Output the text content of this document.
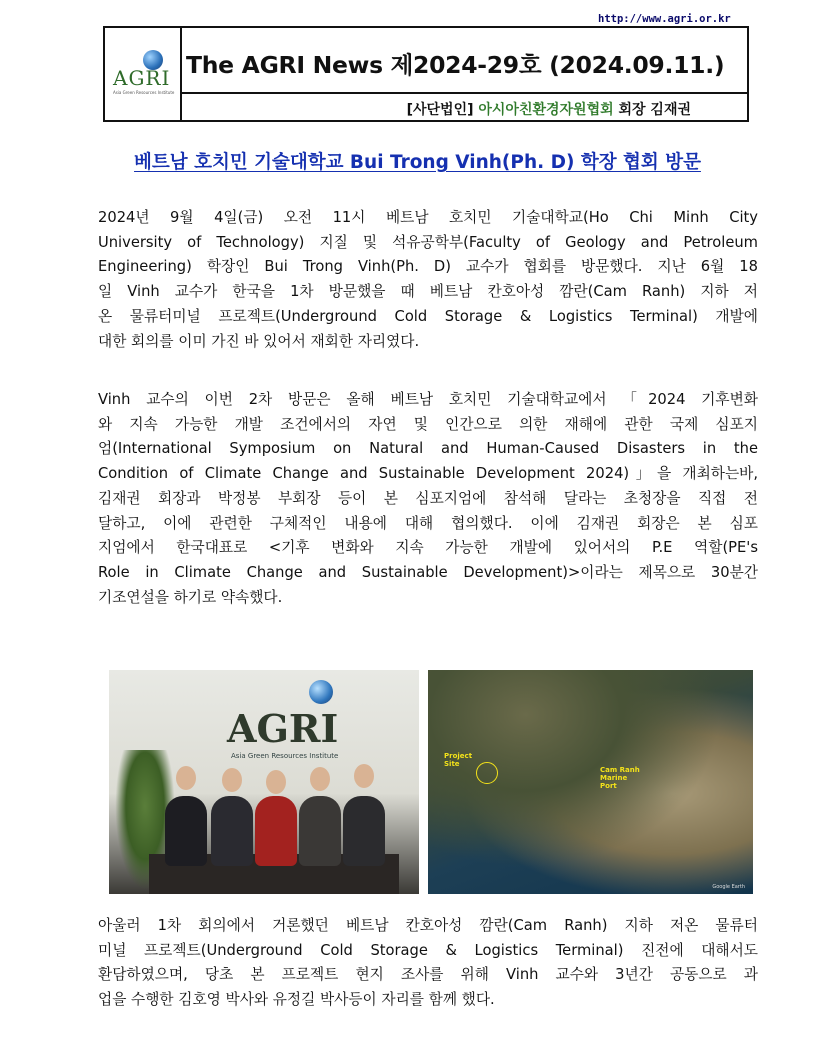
http://www.agri.or.kr
AGRI
Asia Green Resources Institute
The AGRI News 제2024-29호 (2024.09.11.)
[사단법인] 아시아친환경자원협회 회장 김재권
베트남 호치민 기술대학교 Bui Trong Vinh(Ph. D) 학장 협회 방문
2024년 9월 4일(금) 오전 11시 베트남 호치민 기술대학교(Ho Chi Minh City
University of Technology) 지질 및 석유공학부(Faculty of Geology and Petroleum
Engineering) 학장인 Bui Trong Vinh(Ph. D) 교수가 협회를 방문했다. 지난 6월 18
일 Vinh 교수가 한국을 1차 방문했을 때 베트남 칸호아성 깜란(Cam Ranh) 지하 저
온 물류터미널 프로젝트(Underground Cold Storage & Logistics Terminal) 개발에
대한 회의를 이미 가진 바 있어서 재회한 자리였다.
Vinh 교수의 이번 2차 방문은 올해 베트남 호치민 기술대학교에서 「2024 기후변화
와 지속 가능한 개발 조건에서의 자연 및 인간으로 의한 재해에 관한 국제 심포지
엄(International Symposium on Natural and Human-Caused Disasters in the
Condition of Climate Change and Sustainable Development 2024)」을 개최하는바,
김재권 회장과 박정봉 부회장 등이 본 심포지엄에 참석해 달라는 초청장을 직접 전
달하고, 이에 관련한 구체적인 내용에 대해 협의했다. 이에 김재권 회장은 본 심포
지엄에서 한국대표로 <기후 변화와 지속 가능한 개발에 있어서의 P.E 역할(PE's
Role in Climate Change and Sustainable Development)>이라는 제목으로 30분간
기조연설을 하기로 약속했다.
AGRI
Asia Green Resources Institute	Project
Site
Cam Ranh
Marine
Port
Google Earth
아울러 1차 회의에서 거론했던 베트남 칸호아성 깜란(Cam Ranh) 지하 저온 물류터
미널 프로젝트(Underground Cold Storage & Logistics Terminal) 진전에 대해서도
환담하였으며, 당초 본 프로젝트 현지 조사를 위해 Vinh 교수와 3년간 공동으로 과
업을 수행한 김호영 박사와 유정길 박사등이 자리를 함께 했다.
